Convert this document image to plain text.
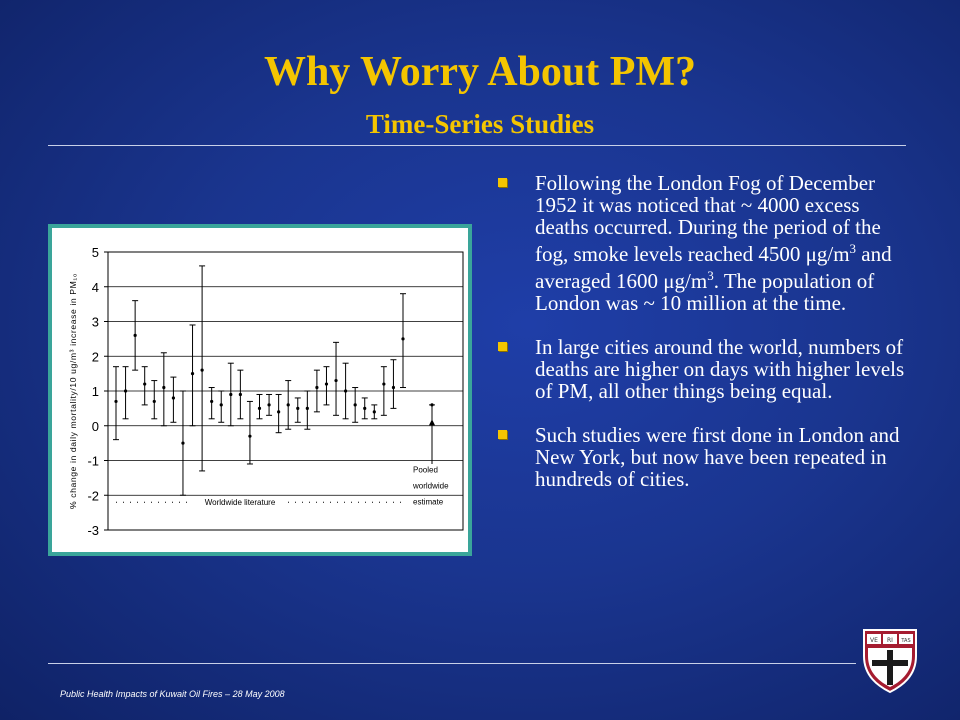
Why Worry About PM?
Time-Series Studies
5
4
3
2
1
0
-1
-2
-3
% change in daily mortality/10 ug/m³ increase in PM₁₀	Worldwide literature
Pooled
worldwide
estimate
Following the London Fog of December 1952 it was noticed that ~ 4000 excess deaths occurred. During the period of the fog, smoke levels reached 4500 $\mu g/m^3$ and averaged 1600 $\mu g/m^3$. The population of London was ~ 10 million at the time.
In large cities around the world, numbers of deaths are higher on days with higher levels of PM, all other things being equal.
Such studies were first done in London and New York, but now have been repeated in hundreds of cities.
Public Health Impacts of Kuwait Oil Fires – 28 May 2008
VE RI TAS
